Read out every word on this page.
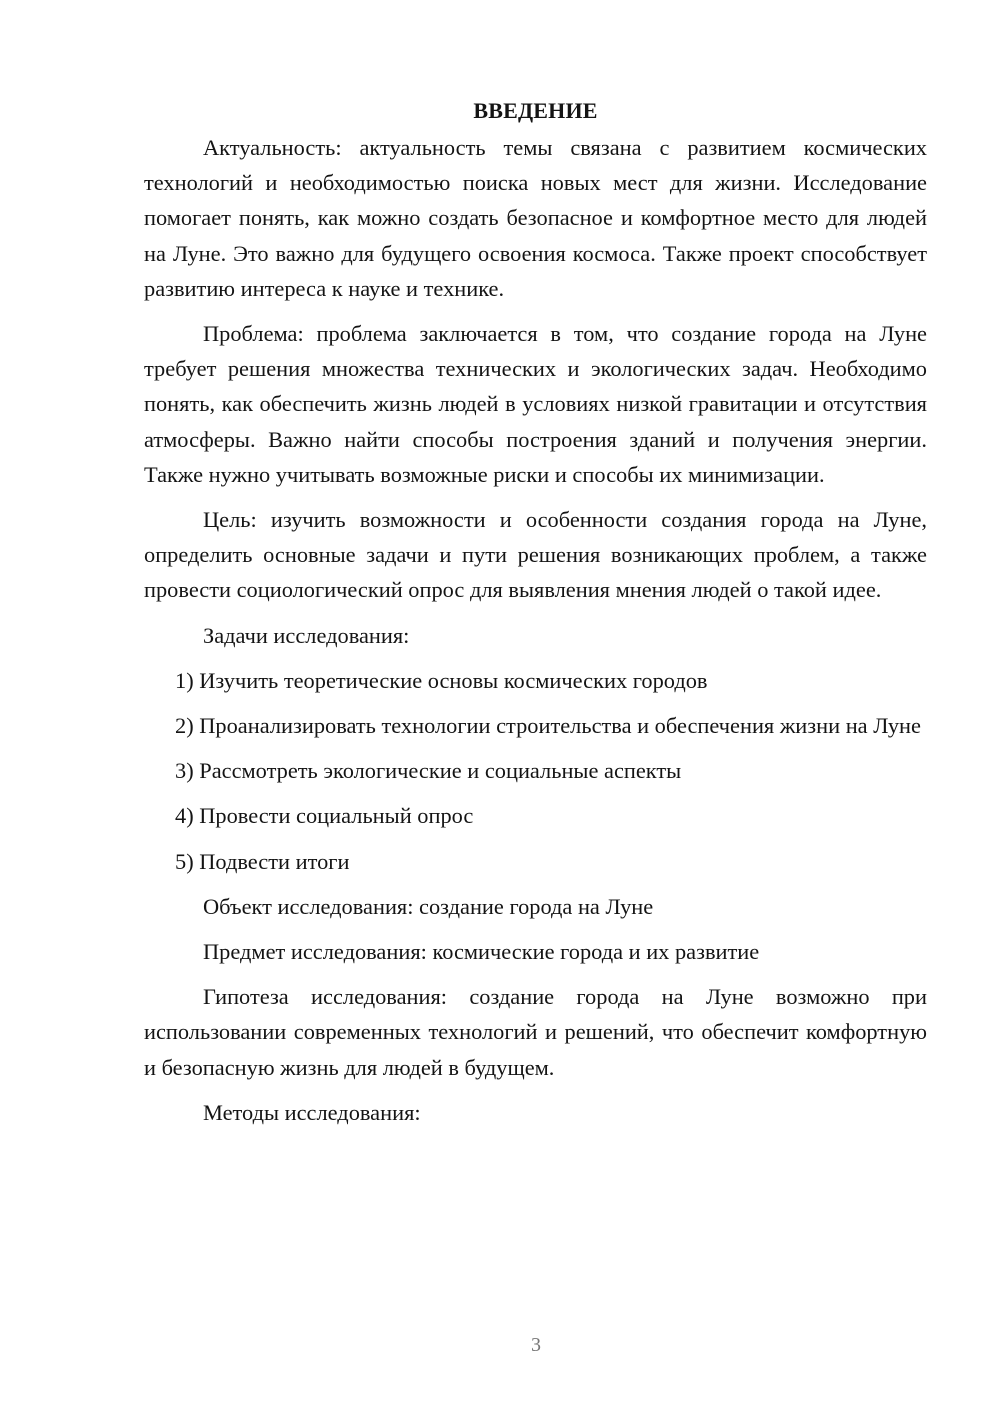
ВВЕДЕНИЕ

Актуальность: актуальность темы связана с развитием космических технологий и необходимостью поиска новых мест для жизни. Исследование помогает понять, как можно создать безопасное и комфортное место для людей на Луне. Это важно для будущего освоения космоса. Также проект способствует развитию интереса к науке и технике.

Проблема: проблема заключается в том, что создание города на Луне требует решения множества технических и экологических задач. Необходимо понять, как обеспечить жизнь людей в условиях низкой гравитации и отсутствия атмосферы. Важно найти способы построения зданий и получения энергии. Также нужно учитывать возможные риски и способы их минимизации.

Цель: изучить возможности и особенности создания города на Луне, определить основные задачи и пути решения возникающих проблем, а также провести социологический опрос для выявления мнения людей о такой идее.

Задачи исследования:

1) Изучить теоретические основы космических городов

2) Проанализировать технологии строительства и обеспечения жизни на Луне

3) Рассмотреть экологические и социальные аспекты

4) Провести социальный опрос

5) Подвести итоги

Объект исследования: создание города на Луне

Предмет исследования: космические города и их развитие

Гипотеза исследования: создание города на Луне возможно при использовании современных технологий и решений, что обеспечит комфортную и безопасную жизнь для людей в будущем.

Методы исследования:

3
